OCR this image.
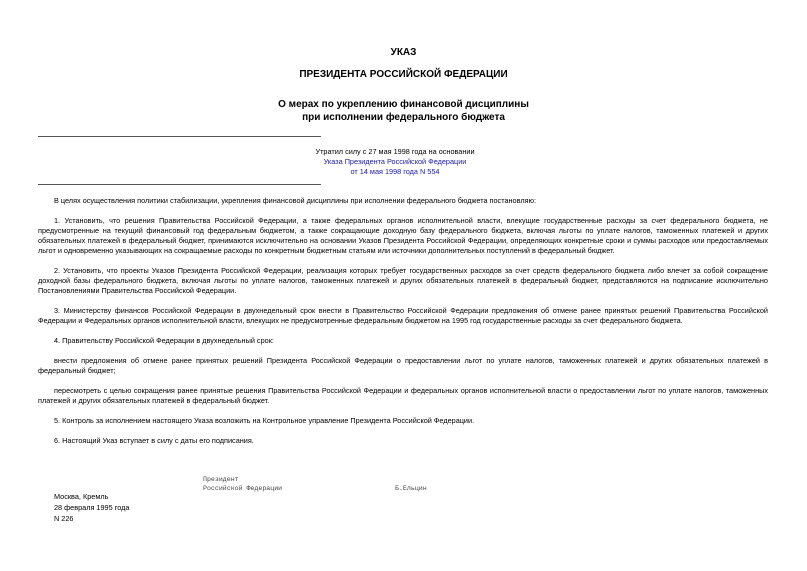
УКАЗ
ПРЕЗИДЕНТА РОССИЙСКОЙ ФЕДЕРАЦИИ
О мерах по укреплению финансовой дисциплины
при исполнении федерального бюджета
Утратил силу с 27 мая 1998 года на основании
Указа Президента Российской Федерации
от 14 мая 1998 года N 554

В целях осуществления политики стабилизации, укрепления финансовой дисциплины при исполнении федерального бюджета постановляю:

1. Установить, что решения Правительства Российской Федерации, а также федеральных органов исполнительной власти, влекущие государственные расходы за счет федерального бюджета, не предусмотренные на текущий финансовый год федеральным бюджетом, а также сокращающие доходную базу федерального бюджета, включая льготы по уплате налогов, таможенных платежей и других обязательных платежей в федеральный бюджет, принимаются исключительно на основании Указов Президента Российской Федерации, определяющих конкретные сроки и суммы расходов или предоставляемых льгот и одновременно указывающих на сокращаемые расходы по конкретным бюджетным статьям или источники дополнительных поступлений в федеральный бюджет.

2. Установить, что проекты Указов Президента Российской Федерации, реализация которых требует государственных расходов за счет средств федерального бюджета либо влечет за собой сокращение доходной базы федерального бюджета, включая льготы по уплате налогов, таможенных платежей и других обязательных платежей в федеральный бюджет, представляются на подписание исключительно Постановлениями Правительства Российской Федерации.

3. Министерству финансов Российской Федерации в двухнедельный срок внести в Правительство Российской Федерации предложения об отмене ранее принятых решений Правительства Российской Федерации и Федеральных органов исполнительной власти, влекущих не предусмотренные федеральным бюджетом на 1995 год государственные расходы за счет федерального бюджета.

4. Правительству Российской Федерации в двухнедельный срок:

внести предложения об отмене ранее принятых решений Президента Российской Федерации о предоставлении льгот по уплате налогов, таможенных платежей и других обязательных платежей в федеральный бюджет;

пересмотреть с целью сокращения ранее принятые решения Правительства Российской Федерации и федеральных органов исполнительной власти о предоставлении льгот по уплате налогов, таможенных платежей и других обязательных платежей в федеральный бюджет.

5. Контроль за исполнением настоящего Указа возложить на Контрольное управление Президента Российской Федерации.

6. Настоящий Указ вступает в силу с даты его подписания.

Президент
Российской Федерации	Б.Ельцин
Москва, Кремль
28 февраля 1995 года
N 226
